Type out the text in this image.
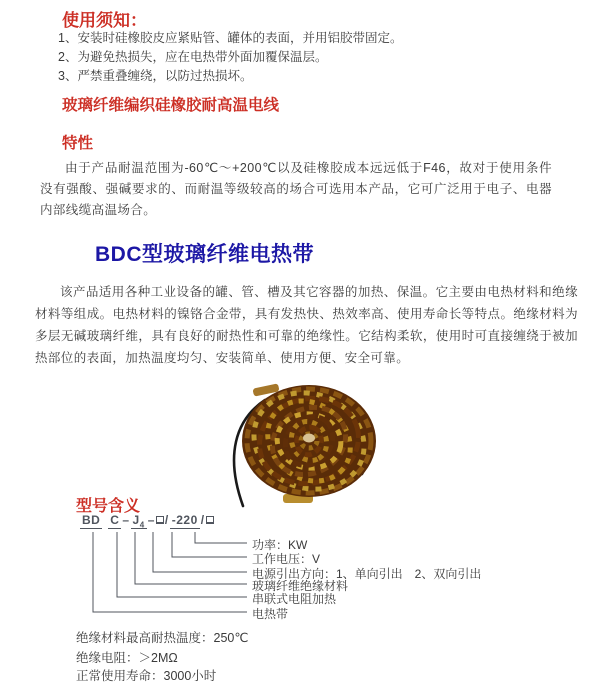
使用须知：
1、安装时硅橡胶皮应紧贴管、罐体的表面，并用铝胶带固定。
2、为避免热损失，应在电热带外面加覆保温层。
3、严禁重叠缠绕，以防过热损坏。
玻璃纤维编织硅橡胶耐高温电线
特性
由于产品耐温范围为-60℃～+200℃以及硅橡胶成本远远低于F46，故对于使用条件没有强酸、强碱要求的、而耐温等级较高的场合可选用本产品，它可广泛用于电子、电器内部线缆高温场合。
BDC型玻璃纤维电热带
该产品适用各种工业设备的罐、管、槽及其它容器的加热、保温。它主要由电热材料和绝缘材料等组成。电热材料的镍铬合金带，具有发热快、热效率高、使用寿命长等特点。绝缘材料为多层无碱玻璃纤维，具有良好的耐热性和可靠的绝缘性。它结构柔软，使用时可直接缠绕于被加热部位的表面，加热温度均匀、安装简单、使用方便、安全可靠。
型号含义
BD C – $J_4$ – / -220 /
功率：KW
工作电压：V
电源引出方向：1、单向引出　2、双向引出
玻璃纤维绝缘材料
串联式电阻加热
电热带
绝缘材料最高耐热温度：250℃
绝缘电阻：＞2MΩ
正常使用寿命：3000小时
